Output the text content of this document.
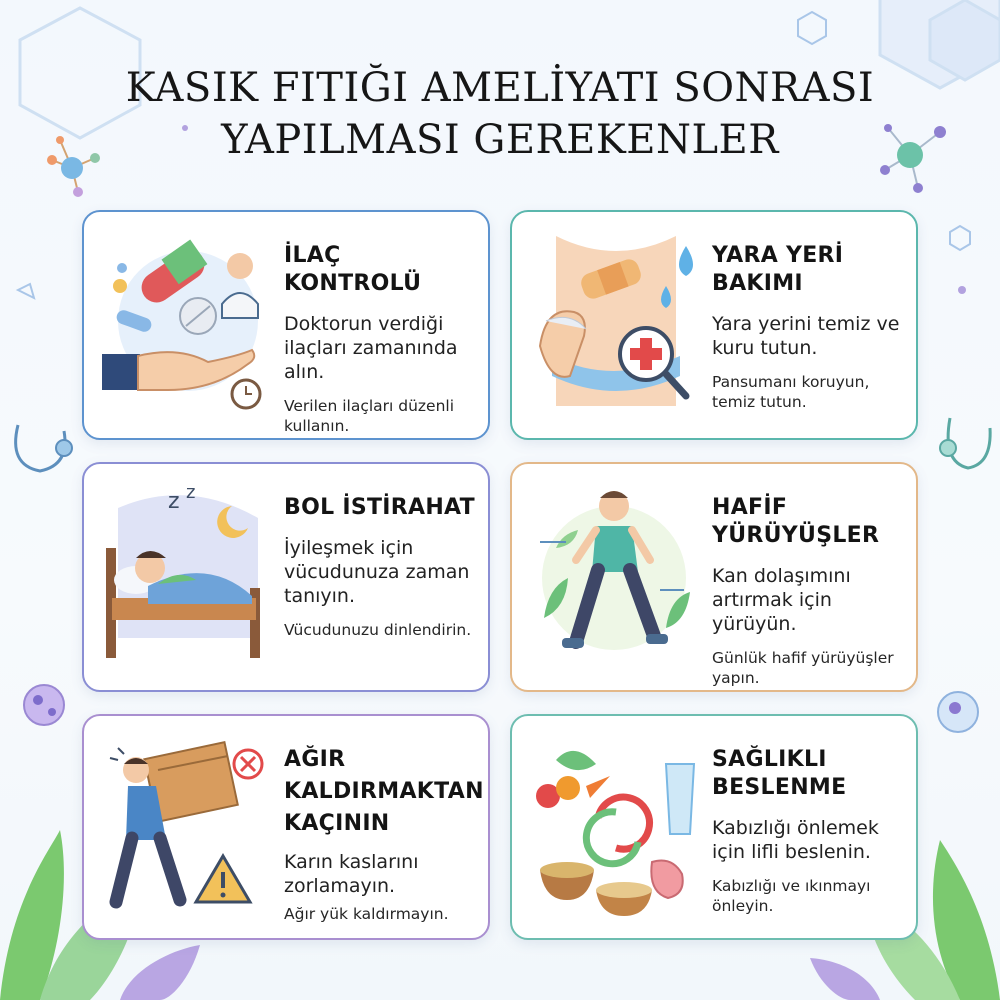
KASIK FITIĞI AMELİYATI SONRASI
YAPILMASI GEREKENLER
İLAÇ KONTROLÜ
Doktorun verdiği ilaçları zamanında alın.
Verilen ilaçları düzenli kullanın.
YARA YERİ BAKIMI
Yara yerini temiz ve kuru tutun.
Pansumanı koruyun, temiz tutun.
z z
BOL İSTİRAHAT
İyileşmek için vücudunuza zaman tanıyın.
Vücudunuzu dinlendirin.
HAFİF YÜRÜYÜŞLER
Kan dolaşımını artırmak için yürüyün.
Günlük hafif yürüyüşler yapın.
AĞIR KALDIRMAKTAN KAÇININ
Karın kaslarını zorlamayın.
Ağır yük kaldırmayın.
SAĞLIKLI BESLENME
Kabızlığı önlemek için lifli beslenin.
Kabızlığı ve ıkınmayı önleyin.
